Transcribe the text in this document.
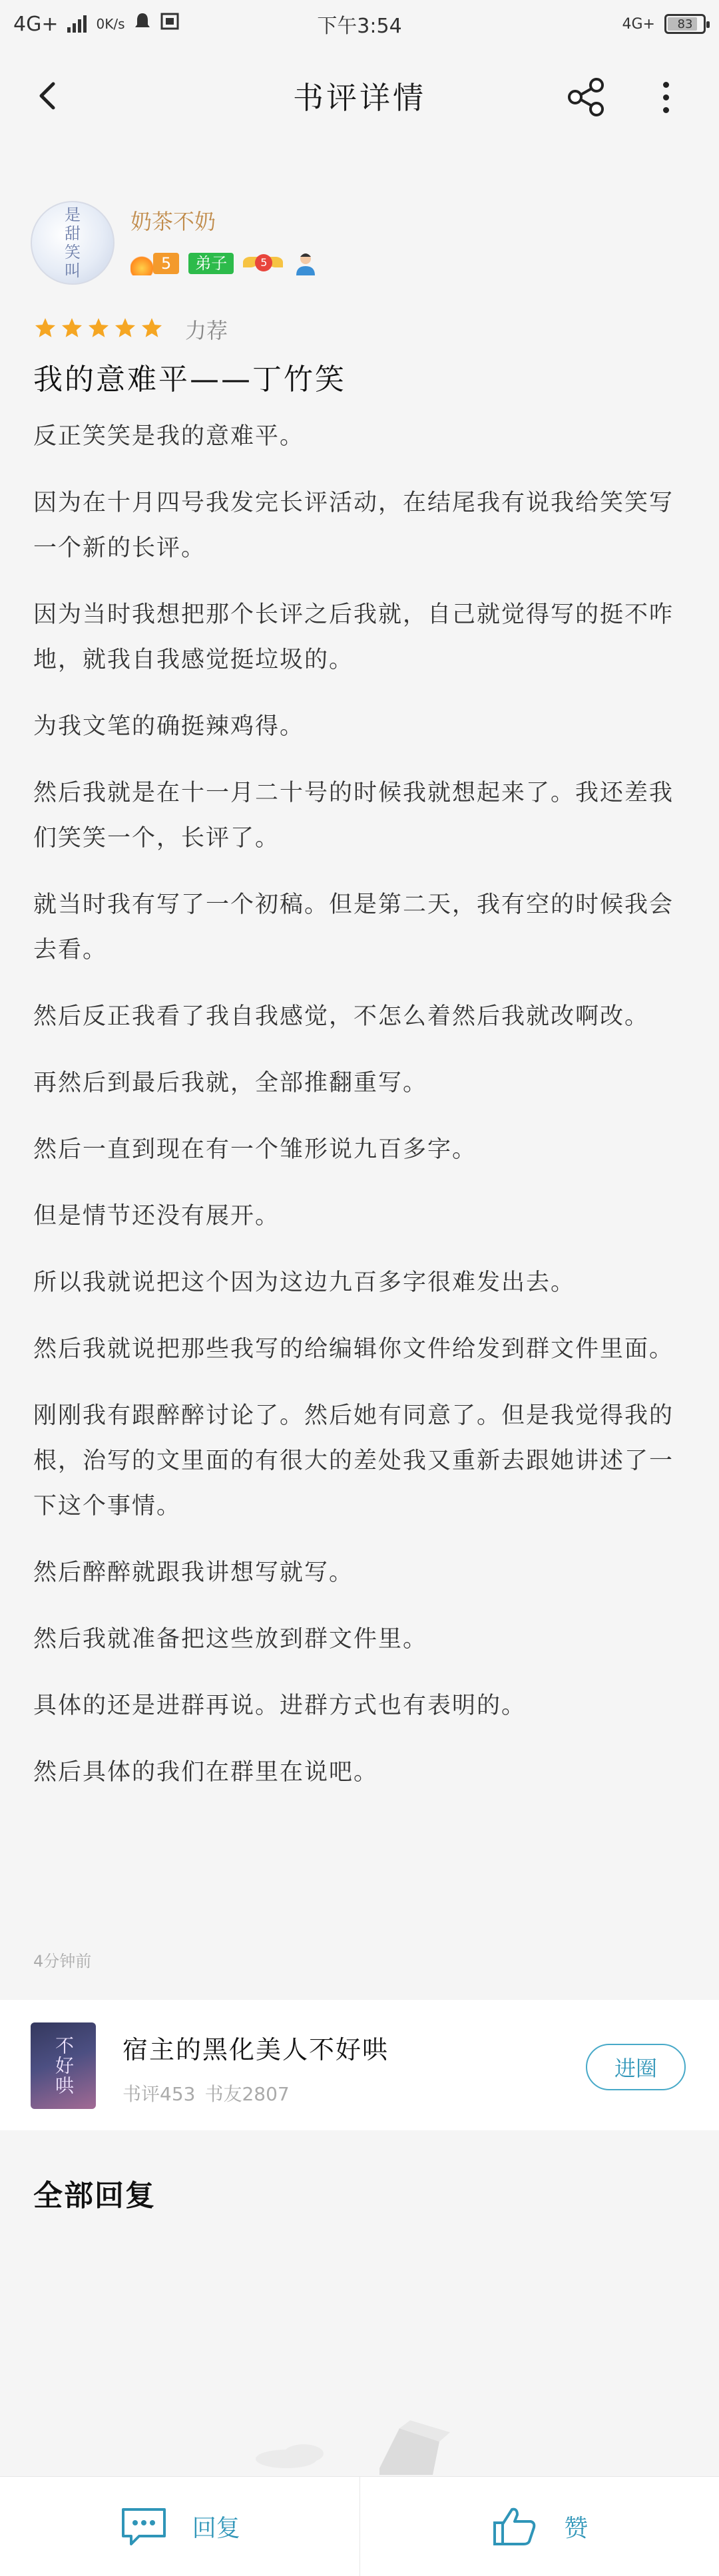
4G+	0K/s	下午3:54	4G+ 83
书评详情
是
甜
笑
叫
奶茶不奶
5	弟子	5
力荐
我的意难平——丁竹笑

反正笑笑是我的意难平。

因为在十月四号我发完长评活动，在结尾我有说我给笑笑写一个新的长评。

因为当时我想把那个长评之后我就，自己就觉得写的挺不咋地，就我自我感觉挺垃圾的。

为我文笔的确挺辣鸡得。

然后我就是在十一月二十号的时候我就想起来了。我还差我们笑笑一个，长评了。

就当时我有写了一个初稿。但是第二天，我有空的时候我会去看。

然后反正我看了我自我感觉，不怎么着然后我就改啊改。

再然后到最后我就，全部推翻重写。

然后一直到现在有一个雏形说九百多字。

但是情节还没有展开。

所以我就说把这个因为这边九百多字很难发出去。

然后我就说把那些我写的给编辑你文件给发到群文件里面。

刚刚我有跟醉醉讨论了。然后她有同意了。但是我觉得我的根，治写的文里面的有很大的差处我又重新去跟她讲述了一下这个事情。

然后醉醉就跟我讲想写就写。

然后我就准备把这些放到群文件里。

具体的还是进群再说。进群方式也有表明的。

然后具体的我们在群里在说吧。

4分钟前
不好哄	宿主的黑化美人不好哄
书评453 书友2807
进圈
全部回复
回复	赞
